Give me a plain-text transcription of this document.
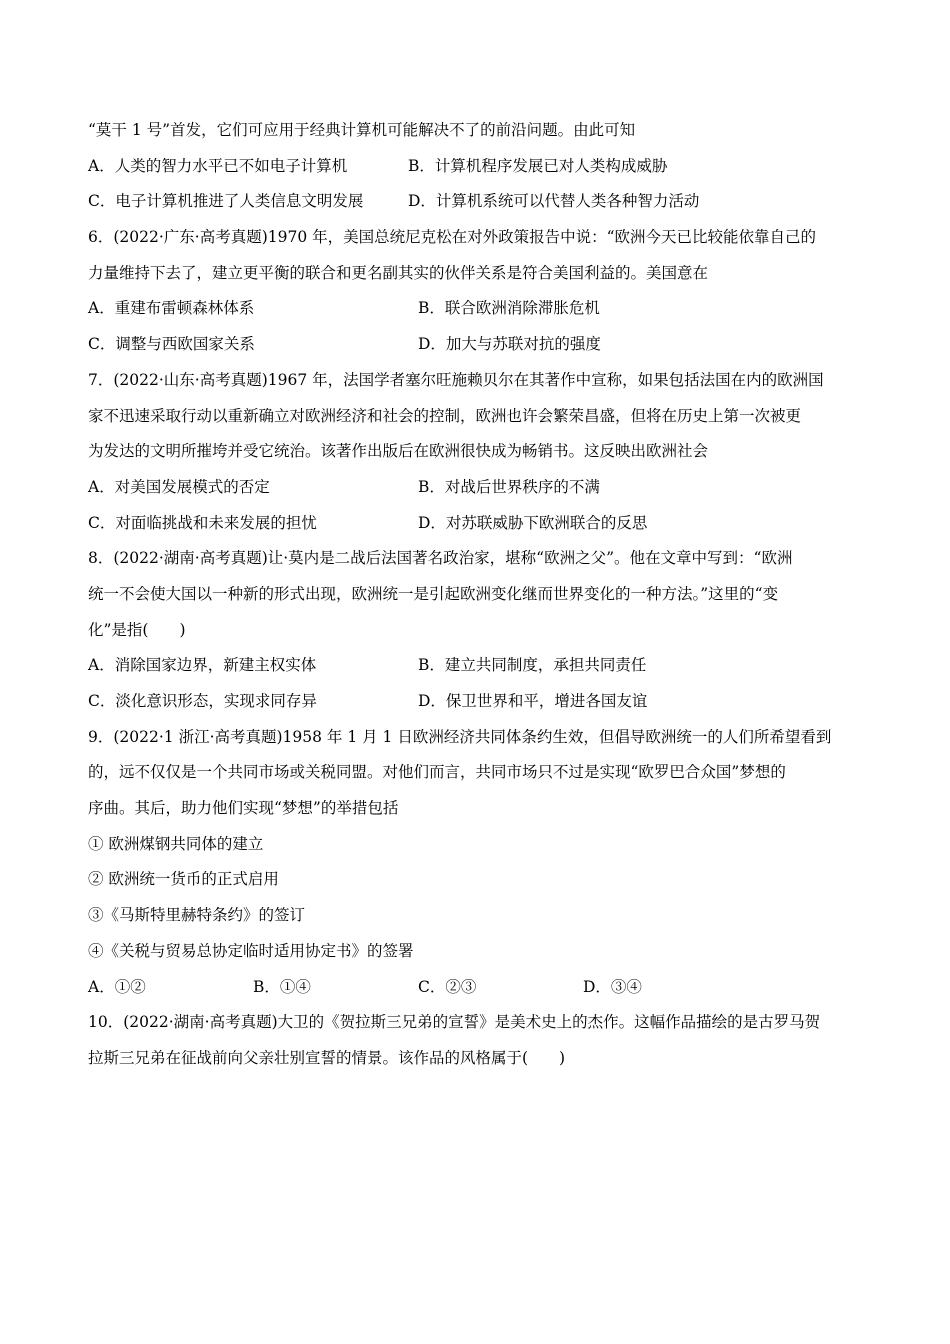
“莫干 1 号”首发，它们可应用于经典计算机可能解决不了的前沿问题。由此可知
A．人类的智力水平已不如电子计算机	B．计算机程序发展已对人类构成威胁
C．电子计算机推进了人类信息文明发展	D．计算机系统可以代替人类各种智力活动
6．(2022·广东·高考真题)1970 年，美国总统尼克松在对外政策报告中说：“欧洲今天已比较能依靠自己的
力量维持下去了，建立更平衡的联合和更名副其实的伙伴关系是符合美国利益的。美国意在
A．重建布雷顿森林体系	B．联合欧洲消除滞胀危机
C．调整与西欧国家关系	D．加大与苏联对抗的强度
7．(2022·山东·高考真题)1967 年，法国学者塞尔旺施赖贝尔在其著作中宣称，如果包括法国在内的欧洲国
家不迅速采取行动以重新确立对欧洲经济和社会的控制，欧洲也许会繁荣昌盛，但将在历史上第一次被更
为发达的文明所摧垮并受它统治。该著作出版后在欧洲很快成为畅销书。这反映出欧洲社会
A．对美国发展模式的否定	B．对战后世界秩序的不满
C．对面临挑战和未来发展的担忧	D．对苏联威胁下欧洲联合的反思
8．(2022·湖南·高考真题)让·莫内是二战后法国著名政治家，堪称“欧洲之父”。他在文章中写到：“欧洲
统一不会使大国以一种新的形式出现，欧洲统一是引起欧洲变化继而世界变化的一种方法。”这里的“变
化”是指(　　)
A．消除国家边界，新建主权实体	B．建立共同制度，承担共同责任
C．淡化意识形态，实现求同存异	D．保卫世界和平，增进各国友谊
9．(2022·1 浙江·高考真题)1958 年 1 月 1 日欧洲经济共同体条约生效，但倡导欧洲统一的人们所希望看到
的，远不仅仅是一个共同市场或关税同盟。对他们而言，共同市场只不过是实现“欧罗巴合众国”梦想的
序曲。其后，助力他们实现“梦想”的举措包括
① 欧洲煤钢共同体的建立
② 欧洲统一货币的正式启用
③《马斯特里赫特条约》的签订
④《关税与贸易总协定临时适用协定书》的签署
A．①②	B．①④	C．②③	D．③④
10．(2022·湖南·高考真题)大卫的《贺拉斯三兄弟的宣誓》是美术史上的杰作。这幅作品描绘的是古罗马贺
拉斯三兄弟在征战前向父亲壮别宣誓的情景。该作品的风格属于(　　)
